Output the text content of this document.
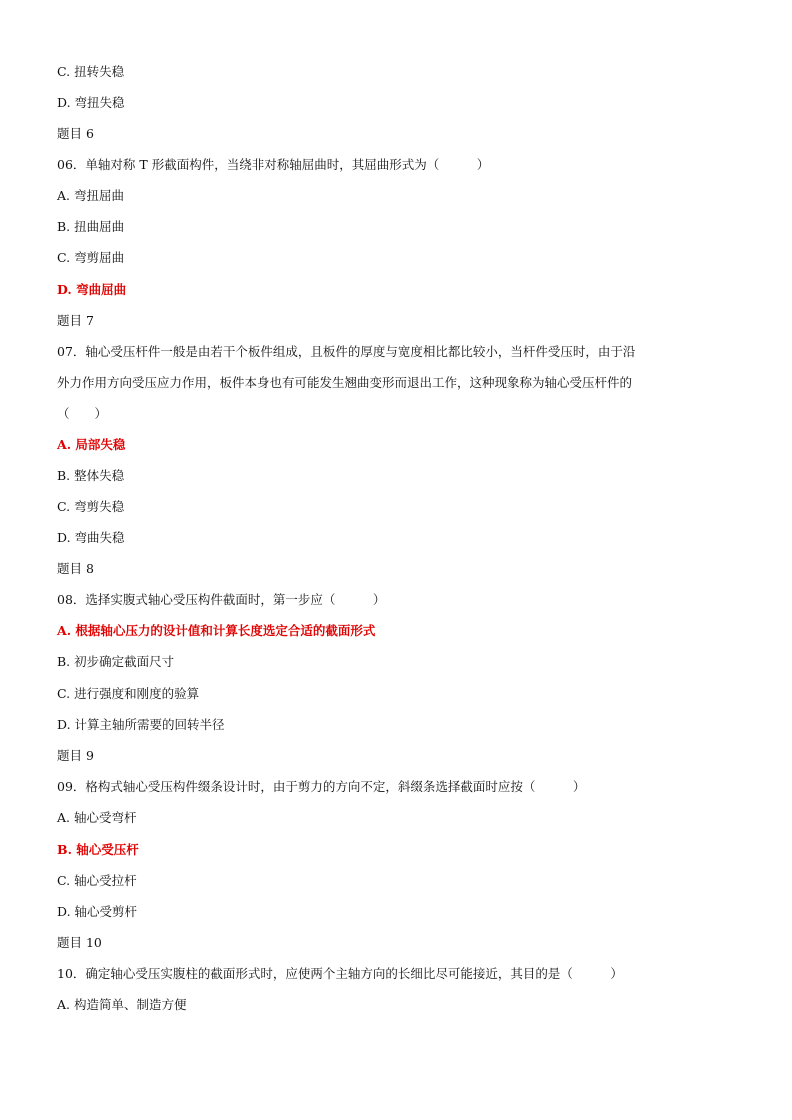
C. 扭转失稳
D. 弯扭失稳
题目 6
06．单轴对称 T 形截面构件，当绕非对称轴屈曲时，其屈曲形式为（　　　）
A. 弯扭屈曲
B. 扭曲屈曲
C. 弯剪屈曲
D. 弯曲屈曲
题目 7
07．轴心受压杆件一般是由若干个板件组成，且板件的厚度与宽度相比都比较小，当杆件受压时，由于沿
外力作用方向受压应力作用，板件本身也有可能发生翘曲变形而退出工作，这种现象称为轴心受压杆件的
（　　）
A. 局部失稳
B. 整体失稳
C. 弯剪失稳
D. 弯曲失稳
题目 8
08．选择实腹式轴心受压构件截面时，第一步应（　　　）
A. 根据轴心压力的设计值和计算长度选定合适的截面形式
B. 初步确定截面尺寸
C. 进行强度和刚度的验算
D. 计算主轴所需要的回转半径
题目 9
09．格构式轴心受压构件缀条设计时，由于剪力的方向不定，斜缀条选择截面时应按（　　　）
A. 轴心受弯杆
B. 轴心受压杆
C. 轴心受拉杆
D. 轴心受剪杆
题目 10
10．确定轴心受压实腹柱的截面形式时，应使两个主轴方向的长细比尽可能接近，其目的是（　　　）
A. 构造简单、制造方便
